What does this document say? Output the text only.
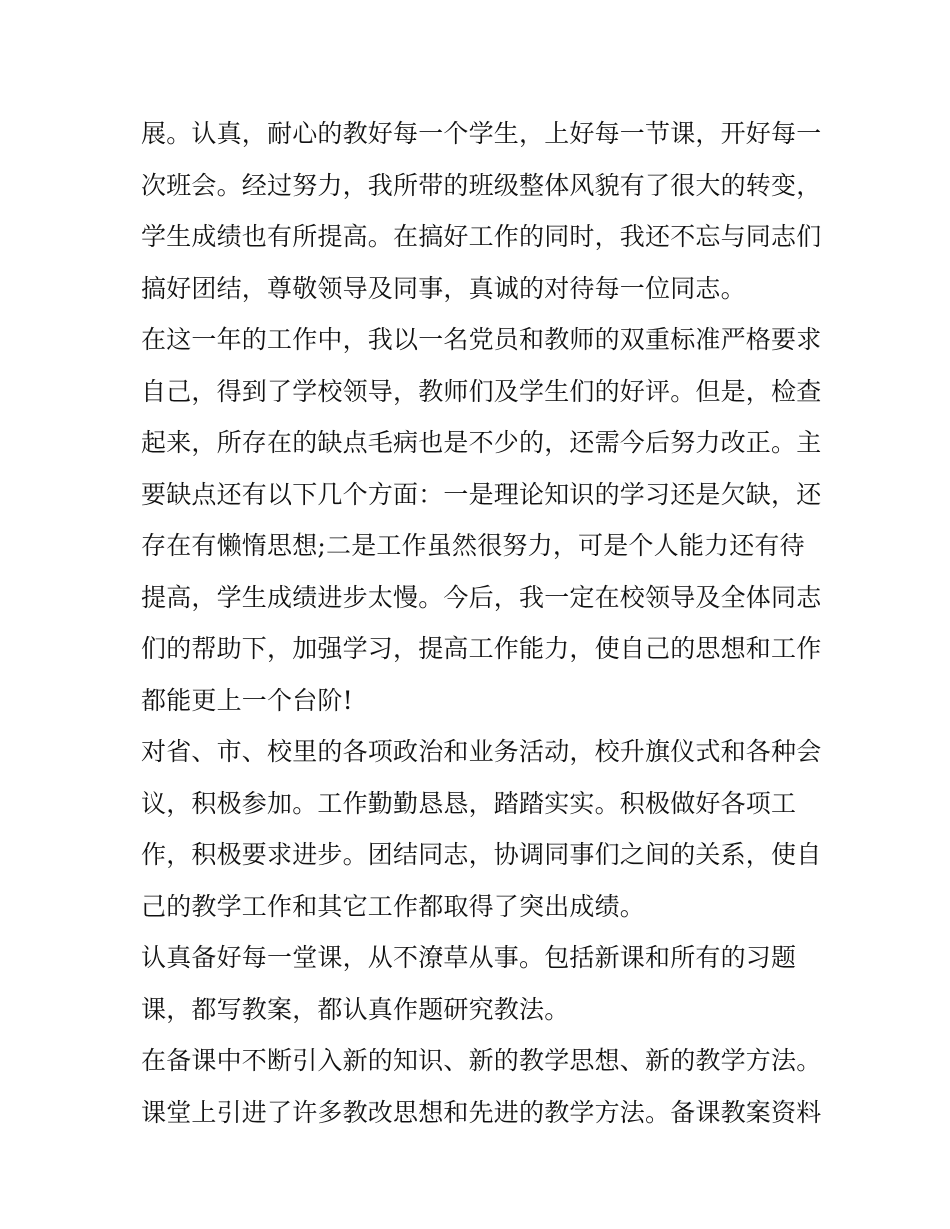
展。认真，耐心的教好每一个学生，上好每一节课，开好每一
次班会。经过努力，我所带的班级整体风貌有了很大的转变，
学生成绩也有所提高。在搞好工作的同时，我还不忘与同志们
搞好团结，尊敬领导及同事，真诚的对待每一位同志。
在这一年的工作中，我以一名党员和教师的双重标准严格要求
自己，得到了学校领导，教师们及学生们的好评。但是，检查
起来，所存在的缺点毛病也是不少的，还需今后努力改正。主
要缺点还有以下几个方面：一是理论知识的学习还是欠缺，还
存在有懒惰思想;二是工作虽然很努力，可是个人能力还有待
提高，学生成绩进步太慢。今后，我一定在校领导及全体同志
们的帮助下，加强学习，提高工作能力，使自己的思想和工作
都能更上一个台阶!
对省、市、校里的各项政治和业务活动，校升旗仪式和各种会
议，积极参加。工作勤勤恳恳，踏踏实实。积极做好各项工
作，积极要求进步。团结同志，协调同事们之间的关系，使自
己的教学工作和其它工作都取得了突出成绩。
认真备好每一堂课，从不潦草从事。包括新课和所有的习题
课，都写教案，都认真作题研究教法。
在备课中不断引入新的知识、新的教学思想、新的教学方法。
课堂上引进了许多教改思想和先进的教学方法。备课教案资料
